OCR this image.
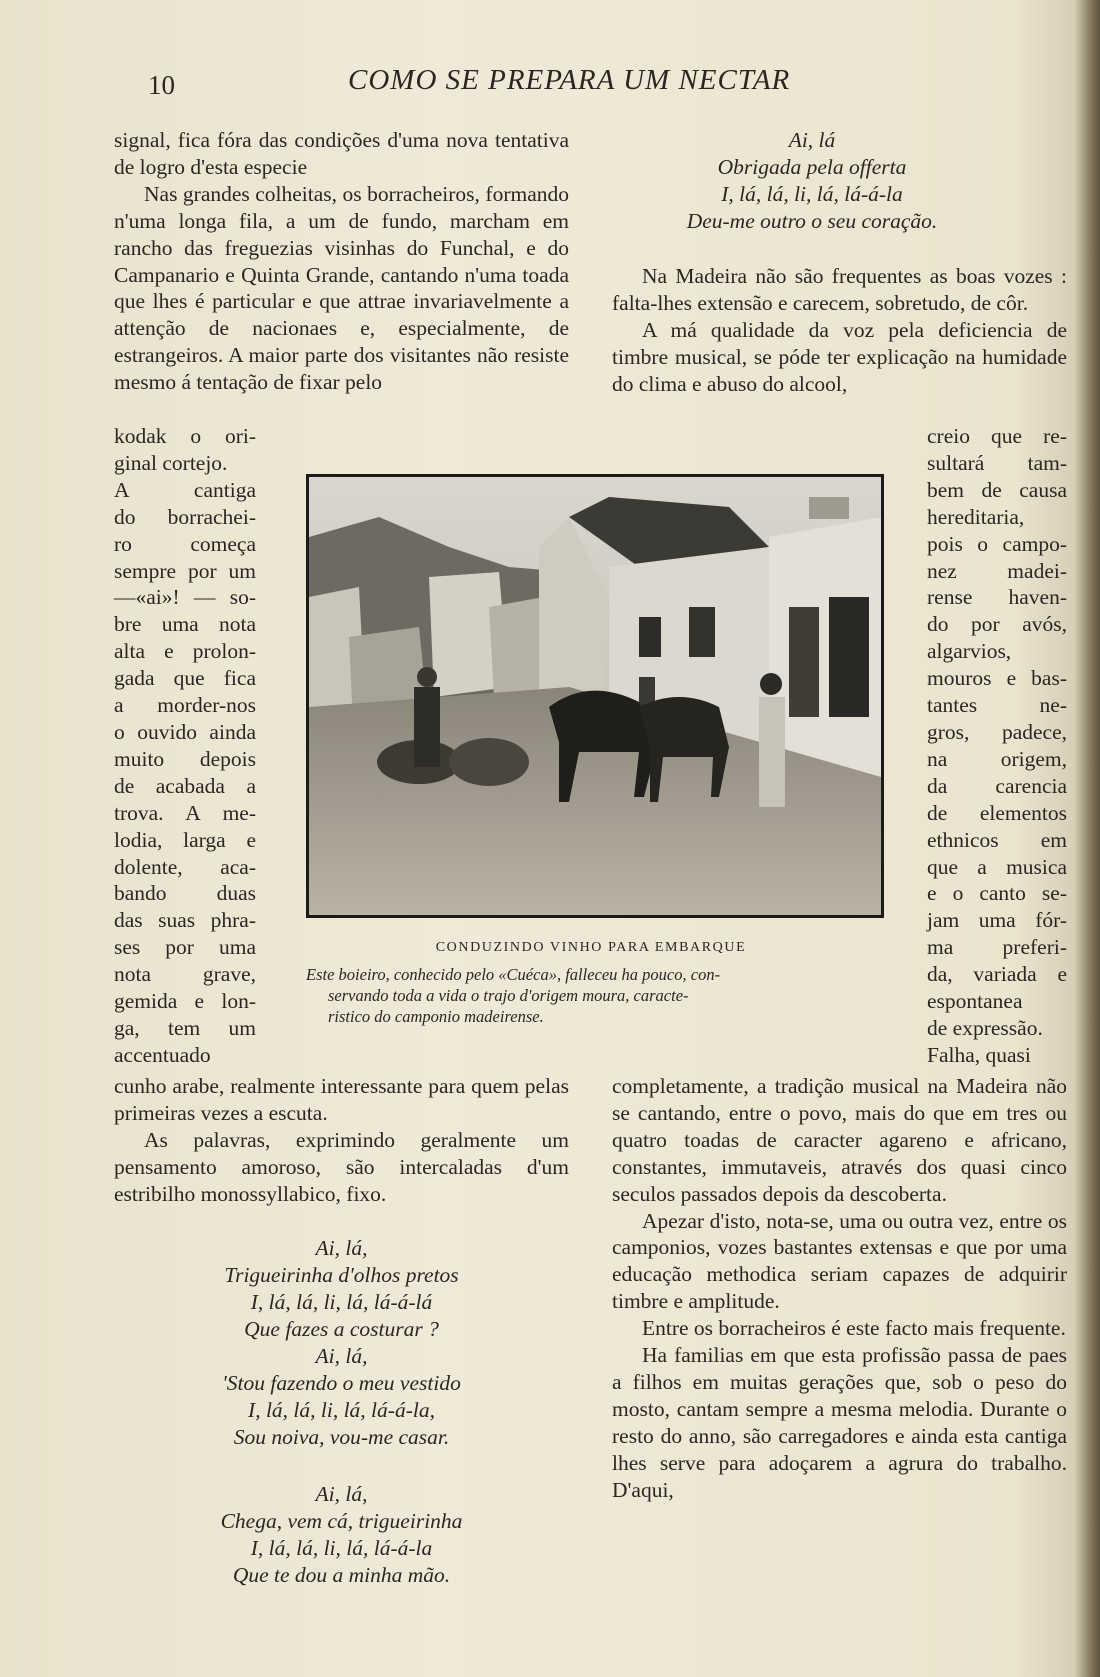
10	COMO SE PREPARA UM NECTAR

signal, fica fóra das condições d'uma nova tentativa de logro d'esta especie

Nas grandes colheitas, os borracheiros, formando n'uma longa fila, a um de fundo, marcham em rancho das freguezias visinhas do Funchal, e do Campanario e Quinta Grande, cantando n'uma toada que lhes é particular e que attrae invariavelmente a attenção de nacionaes e, especialmente, de estrangeiros. A maior parte dos visitantes não resiste mesmo á tentação de fixar pelo

kodak o ori-
ginal cortejo.
A cantiga
do borrachei-
ro começa
sempre por um
—«ai»! — so-
bre uma nota
alta e prolon-
gada que fica
a morder-nos
o ouvido ainda
muito depois
de acabada a
trova. A me-
lodia, larga e
dolente, aca-
bando duas
das suas phra-
ses por uma
nota grave,
gemida e lon-
ga, tem um
accentuado

cunho arabe, realmente interessante para quem pelas primeiras vezes a escuta.

As palavras, exprimindo geralmente um pensamento amoroso, são intercaladas d'um estribilho monossyllabico, fixo.

Ai, lá,
Trigueirinha d'olhos pretos
I, lá, lá, li, lá, lá-á-lá
Que fazes a costurar ?
Ai, lá,
'Stou fazendo o meu vestido
I, lá, lá, li, lá, lá-á-la,
Sou noiva, vou-me casar.
Ai, lá,
Chega, vem cá, trigueirinha
I, lá, lá, li, lá, lá-á-la
Que te dou a minha mão.
Ai, lá
Obrigada pela offerta
I, lá, lá, li, lá, lá-á-la
Deu-me outro o seu coração.

Na Madeira não são frequentes as boas vozes : falta-lhes extensão e carecem, sobretudo, de côr.

A má qualidade da voz pela deficiencia de timbre musical, se póde ter explicação na humidade do clima e abuso do alcool,

creio que re-
sultará tam-
bem de causa
hereditaria,
pois o campo-
nez madei-
rense haven-
do por avós,
algarvios,
mouros e bas-
tantes ne-
gros, padece,
na origem,
da carencia
de elementos
ethnicos em
que a musica
e o canto se-
jam uma fór-
ma preferi-
da, variada e
espontanea
de expressão.
Falha, quasi

completamente, a tradição musical na Madeira não se cantando, entre o povo, mais do que em tres ou quatro toadas de caracter agareno e africano, constantes, immutaveis, através dos quasi cinco seculos passados depois da descoberta.

Apezar d'isto, nota-se, uma ou outra vez, entre os camponios, vozes bastantes extensas e que por uma educação methodica seriam capazes de adquirir timbre e amplitude.

Entre os borracheiros é este facto mais frequente.

Ha familias em que esta profissão passa de paes a filhos em muitas gerações que, sob o peso do mosto, cantam sempre a mesma melodia. Durante o resto do anno, são carregadores e ainda esta cantiga lhes serve para adoçarem a agrura do trabalho. D'aqui,

CONDUZINDO VINHO PARA EMBARQUE
Este boieiro, conhecido pelo «Cuéca», falleceu ha pouco, con-
servando toda a vida o trajo d'origem moura, caracte-
ristico do camponio madeirense.
